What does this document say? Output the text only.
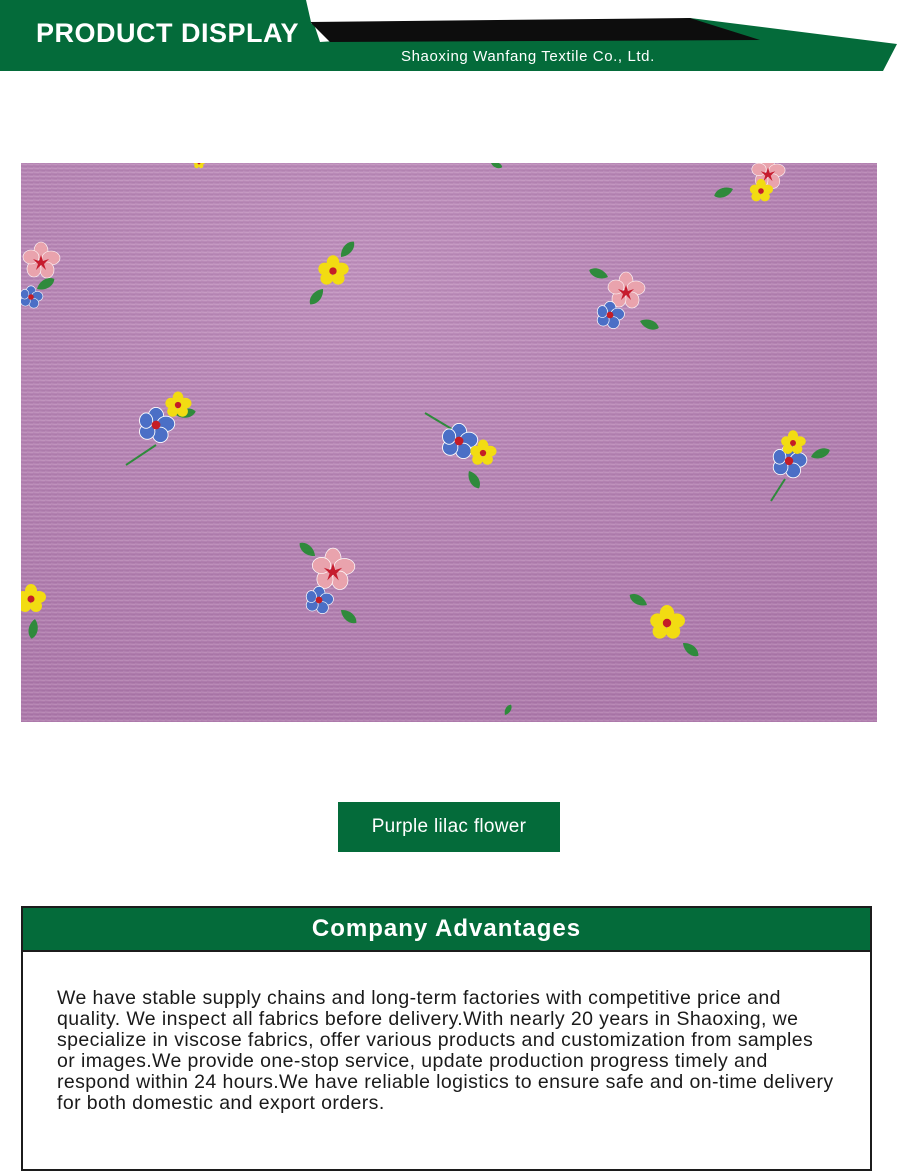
PRODUCT DISPLAY
Shaoxing Wanfang Textile Co., Ltd.
Purple lilac flower
Company Advantages
We have stable supply chains and long-term factories with competitive price and quality. We inspect all fabrics before delivery.With nearly 20 years in Shaoxing, we specialize in viscose fabrics, offer various products and customization from samples or images.We provide one-stop service, update production progress timely and respond within 24 hours.We have reliable logistics to ensure safe and on-time delivery for both domestic and export orders.
